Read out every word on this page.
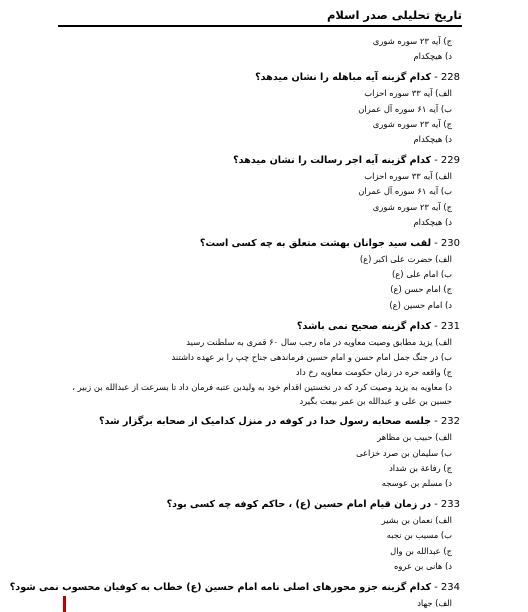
تاریخ تحلیلی صدر اسلام
ج) آیه ۲۳ سوره شوری
د) هیچکدام
228 -کدام گزینه آیه مباهله را نشان میدهد؟
الف) آیه ۳۳ سوره احزاب
ب) آیه ۶۱ سوره آل عمران
ج) آیه ۲۳ سوره شوری
د) هیچکدام
229 -کدام گزینه آیه اجر رسالت را نشان میدهد؟
الف) آیه ۳۳ سوره احزاب
ب) آیه ۶۱ سوره آل عمران
ج) آیه ۲۳ سوره شوری
د) هیچکدام
230 -لقب سید جوانان بهشت متعلق به چه کسی است؟
الف) حضرت علی اکبر (ع)
ب) امام علی (ع)
ج) امام حسن (ع)
د) امام حسین (ع)
231 -کدام گزینه صحیح نمی باشد؟
الف) یزید مطابق وصیت معاویه در ماه رجب سال ۶۰ قمری به سلطنت رسید
ب) در جنگ جمل امام حسن و امام حسین فرماندهی جناح چپ را بر عهده داشتند
ج) واقعه حره در زمان حکومت معاویه رخ داد
د) معاویه به یزید وصیت کرد که در نخستین اقدام خود به ولیدبن عتبه فرمان داد تا بسرعت از عبدالله بن زبیر ، حسین بن علی و عبدالله بن عمر بیعت بگیرد
232 -جلسه صحابه رسول خدا در کوفه در منزل کدامیک از صحابه برگزار شد؟
الف) حبیب بن مظاهر
ب) سلیمان بن صرد خزاعی
ج) رفاعة بن شداد
د) مسلم بن عوسجه
233 -در زمان قیام امام حسین (ع) ، حاکم کوفه چه کسی بود؟
الف) نعمان بن بشیر
ب) مسیب بن نجبه
ج) عبدالله بن وال
د) هانی بن عروه
234 -کدام گزینه جزو محورهای اصلی نامه امام حسین (ع) خطاب به کوفیان محسوب نمی شود؟
الف) جهاد
